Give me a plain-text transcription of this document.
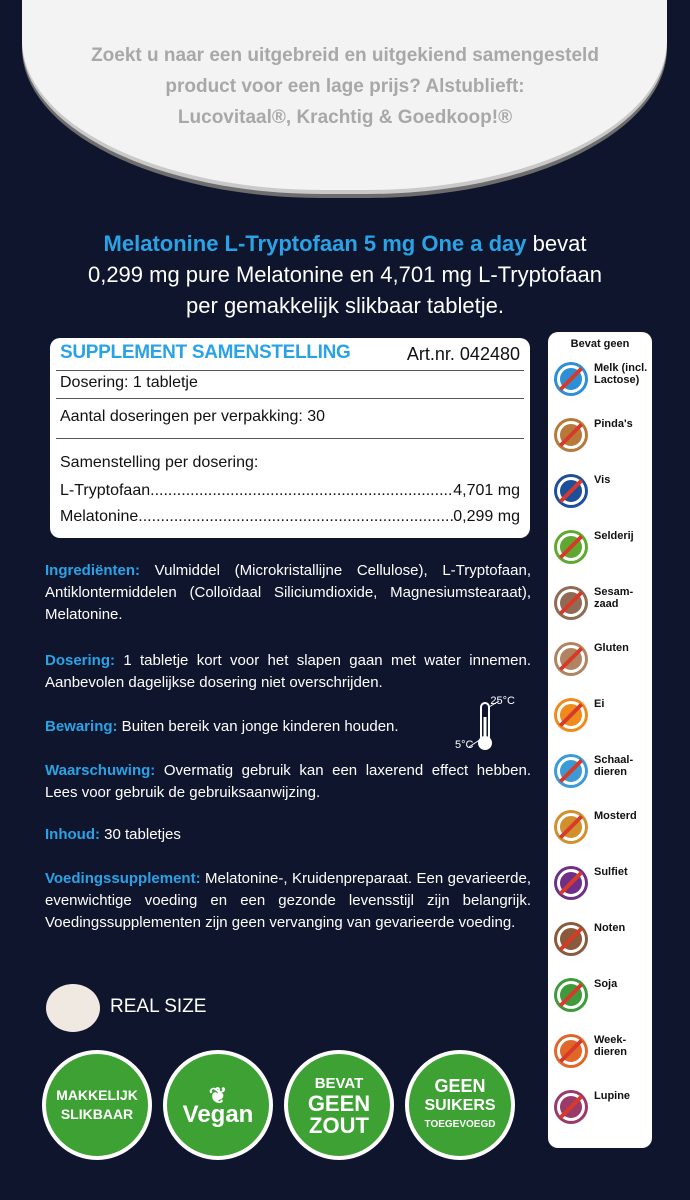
Zoekt u naar een uitgebreid en uitgekiend samengesteld
product voor een lage prijs? Alstublieft:
Lucovitaal®, Krachtig & Goedkoop!®
Melatonine L-Tryptofaan 5 mg One a day bevat
0,299 mg pure Melatonine en 4,701 mg L-Tryptofaan
per gemakkelijk slikbaar tabletje.
SUPPLEMENT SAMENSTELLING	Art.nr. 042480
Dosering: 1 tabletje
Aantal doseringen per verpakking: 30
Samenstelling per dosering:
L-Tryptofaan .....	4,701 mg
Melatonine .....	0,299 mg
Ingrediënten: Vulmiddel (Microkristallijne Cellulose), L-Tryptofaan, Antiklontermiddelen (Colloïdaal Siliciumdioxide, Magnesiumstearaat), Melatonine.
Dosering: 1 tabletje kort voor het slapen gaan met water innemen. Aanbevolen dagelijkse dosering niet overschrijden.
Bewaring: Buiten bereik van jonge kinderen houden.
25°C
5°C
Waarschuwing: Overmatig gebruik kan een laxerend effect hebben. Lees voor gebruik de gebruiksaanwijzing.
Inhoud: 30 tabletjes
Voedingssupplement: Melatonine-, Kruidenpreparaat. Een gevarieerde, evenwichtige voeding en een gezonde levensstijl zijn belangrijk. Voedingssupplementen zijn geen vervanging van gevarieerde voeding.
REAL SIZE
MAKKELIJK
SLIKBAAR
❦
Vegan
BEVAT
GEEN
ZOUT
GEEN
SUIKERS
TOEGEVOEGD
Bevat geen
Melk (incl. Lactose)
Pinda's
Vis
Selderij
Sesam-zaad
Gluten
Ei
Schaal-dieren
Mosterd
Sulfiet
Noten
Soja
Week-dieren
Lupine
